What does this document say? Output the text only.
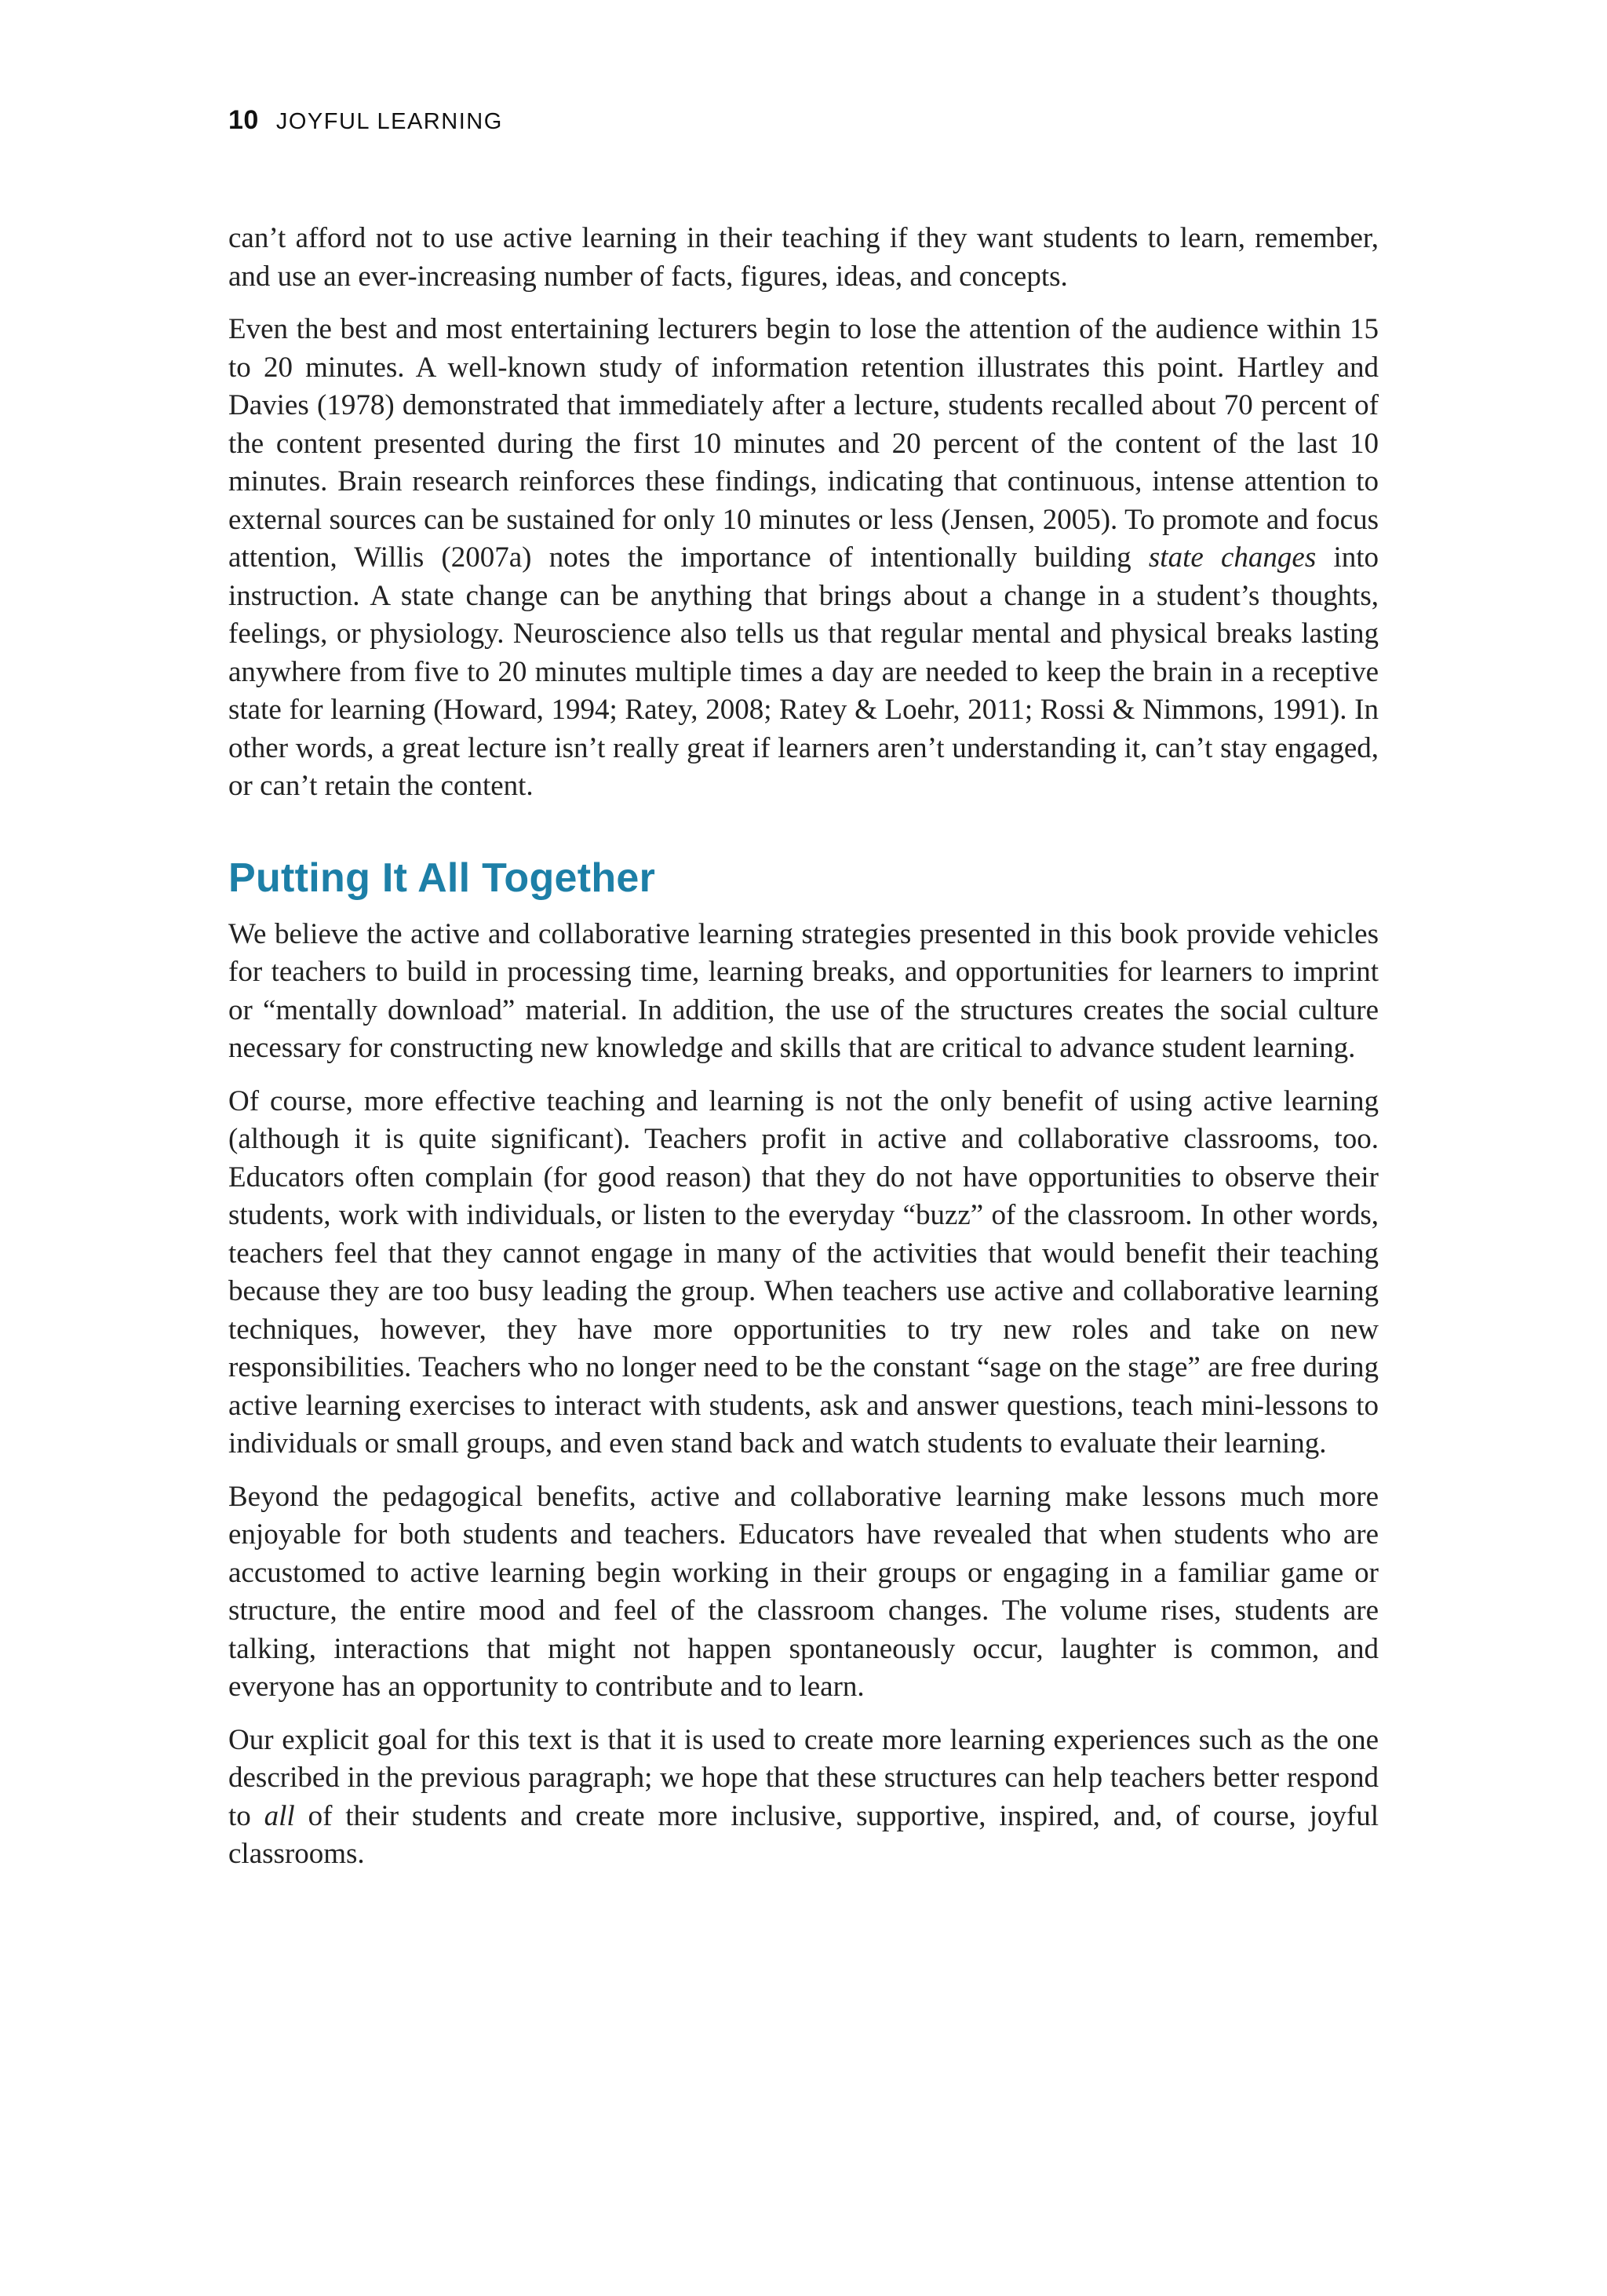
10 JOYFUL LEARNING

can’t afford not to use active learning in their teaching if they want students to learn, remember, and use an ever-increasing number of facts, figures, ideas, and concepts.

Even the best and most entertaining lecturers begin to lose the attention of the audience within 15 to 20 minutes. A well-known study of information retention illustrates this point. Hartley and Davies (1978) demonstrated that immediately after a lecture, students recalled about 70 percent of the content presented during the first 10 minutes and 20 percent of the content of the last 10 minutes. Brain research reinforces these findings, indicating that continuous, intense attention to external sources can be sustained for only 10 minutes or less (Jensen, 2005). To promote and focus attention, Willis (2007a) notes the importance of intentionally building state changes into instruction. A state change can be anything that brings about a change in a student’s thoughts, feelings, or physiology. Neuroscience also tells us that regular mental and physical breaks lasting anywhere from five to 20 minutes multiple times a day are needed to keep the brain in a receptive state for learning (Howard, 1994; Ratey, 2008; Ratey & Loehr, 2011; Rossi & Nimmons, 1991). In other words, a great lecture isn’t really great if learners aren’t understanding it, can’t stay engaged, or can’t retain the content.

Putting It All Together

We believe the active and collaborative learning strategies presented in this book provide vehicles for teachers to build in processing time, learning breaks, and opportunities for learners to imprint or “mentally download” material. In addition, the use of the structures creates the social culture necessary for constructing new knowledge and skills that are critical to advance student learning.

Of course, more effective teaching and learning is not the only benefit of using active learning (although it is quite significant). Teachers profit in active and collaborative classrooms, too. Educators often complain (for good reason) that they do not have opportunities to observe their students, work with individuals, or listen to the everyday “buzz” of the classroom. In other words, teachers feel that they cannot engage in many of the activities that would benefit their teaching because they are too busy leading the group. When teachers use active and collaborative learning techniques, however, they have more opportunities to try new roles and take on new responsibilities. Teachers who no longer need to be the constant “sage on the stage” are free during active learning exercises to interact with students, ask and answer questions, teach mini-lessons to individuals or small groups, and even stand back and watch students to evaluate their learning.

Beyond the pedagogical benefits, active and collaborative learning make lessons much more enjoyable for both students and teachers. Educators have revealed that when students who are accustomed to active learning begin working in their groups or engaging in a familiar game or structure, the entire mood and feel of the classroom changes. The volume rises, students are talking, interactions that might not happen spontaneously occur, laughter is common, and everyone has an opportunity to contribute and to learn.

Our explicit goal for this text is that it is used to create more learning experiences such as the one described in the previous paragraph; we hope that these structures can help teachers better respond to all of their students and create more inclusive, supportive, inspired, and, of course, joyful classrooms.
